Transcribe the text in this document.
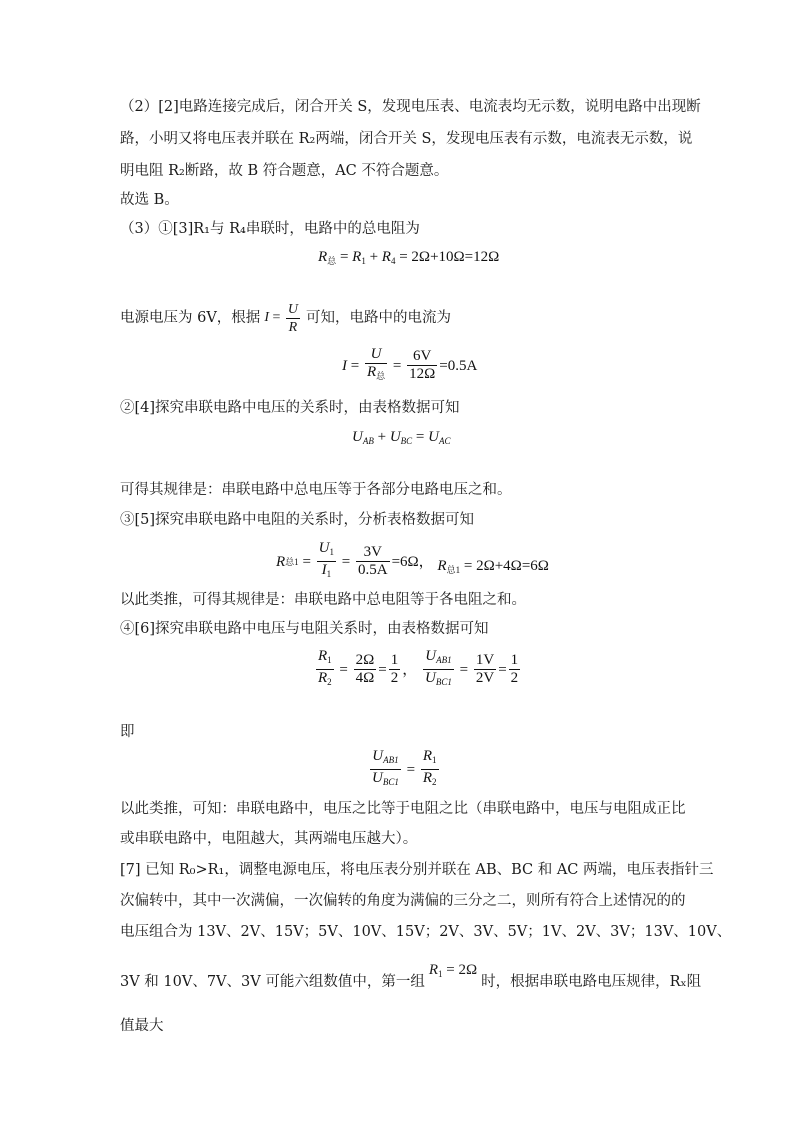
（2）[2]电路连接完成后，闭合开关 S，发现电压表、电流表均无示数，说明电路中出现断
路，小明又将电压表并联在 R₂两端，闭合开关 S，发现电压表有示数，电流表无示数，说
明电阻 R₂断路，故 B 符合题意，AC 不符合题意。
故选 B。
（3）①[3]R₁与 R₄串联时，电路中的总电阻为
$R_总 = R_1 + R_4 = 2\Omega+10\Omega=12\Omega$
电源电压为 6V，根据 $I = \frac{U}{R}$ 可知，电路中的电流为
$I = \frac{U}{R_总} = \frac{6V}{12\Omega} =0.5A$
②[4]探究串联电路中电压的关系时，由表格数据可知
$U_{AB} + U_{BC} = U_{AC}$
可得其规律是：串联电路中总电压等于各部分电路电压之和。
③[5]探究串联电路中电阻的关系时，分析表格数据可知
R 总$1 = \frac{U_1}{I_1} = \frac{3V}{0.5A} =6\Omega$， $R_{总1} = 2\Omega+4\Omega=6\Omega$
以此类推，可得其规律是：串联电路中总电阻等于各电阻之和。
④[6]探究串联电路中电压与电阻关系时，由表格数据可知
$\frac{R_1}{R_2} = \frac{2\Omega}{4\Omega} = \frac{1}{2}$ ， $\frac{U_{AB1}}{U_{BC1}} = \frac{1V}{2V} = \frac{1}{2}$
即
$\frac{U_{AB1}}{U_{BC1}} = \frac{R_1}{R_2}$
以此类推，可知：串联电路中，电压之比等于电阻之比（串联电路中，电压与电阻成正比
或串联电路中，电阻越大，其两端电压越大）。
[7] 已知 R₀>R₁，调整电源电压，将电压表分别并联在 AB、BC 和 AC 两端，电压表指针三
次偏转中，其中一次满偏，一次偏转的角度为满偏的三分之二，则所有符合上述情况的的
电压组合为 13V、2V、15V；5V、10V、15V；2V、3V、5V；1V、2V、3V；13V、10V、
3V 和 10V、7V、3V 可能六组数值中，第一组
$R_1 = 2\Omega$
时，根据串联电路电压规律，Rₓ阻
值最大
